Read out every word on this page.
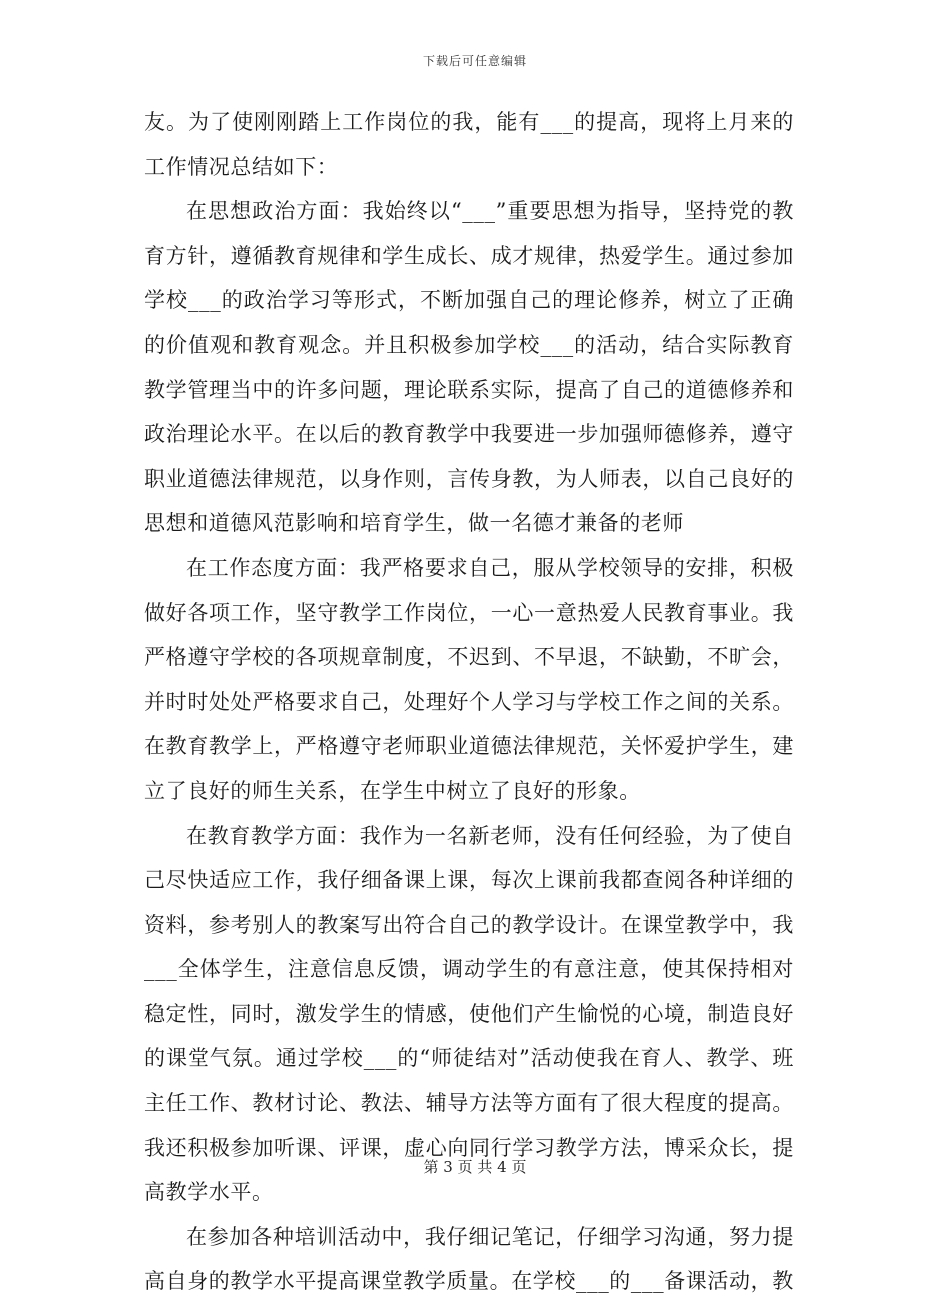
下载后可任意编辑

友。为了使刚刚踏上工作岗位的我，能有___的提高，现将上月来的工作情况总结如下：

在思想政治方面：我始终以“___”重要思想为指导，坚持党的教育方针，遵循教育规律和学生成长、成才规律，热爱学生。通过参加学校___的政治学习等形式，不断加强自己的理论修养，树立了正确的价值观和教育观念。并且积极参加学校___的活动，结合实际教育教学管理当中的许多问题，理论联系实际，提高了自己的道德修养和政治理论水平。在以后的教育教学中我要进一步加强师德修养，遵守职业道德法律规范，以身作则，言传身教，为人师表，以自己良好的思想和道德风范影响和培育学生，做一名德才兼备的老师

在工作态度方面：我严格要求自己，服从学校领导的安排，积极做好各项工作，坚守教学工作岗位，一心一意热爱人民教育事业。我严格遵守学校的各项规章制度，不迟到、不早退，不缺勤，不旷会，并时时处处严格要求自己，处理好个人学习与学校工作之间的关系。在教育教学上，严格遵守老师职业道德法律规范，关怀爱护学生，建立了良好的师生关系，在学生中树立了良好的形象。

在教育教学方面：我作为一名新老师，没有任何经验，为了使自己尽快适应工作，我仔细备课上课，每次上课前我都查阅各种详细的资料，参考别人的教案写出符合自己的教学设计。在课堂教学中，我___全体学生，注意信息反馈，调动学生的有意注意，使其保持相对稳定性，同时，激发学生的情感，使他们产生愉悦的心境，制造良好的课堂气氛。通过学校___的“师徒结对”活动使我在育人、教学、班主任工作、教材讨论、教法、辅导方法等方面有了很大程度的提高。我还积极参加听课、评课，虚心向同行学习教学方法，博采众长，提高教学水平。

在参加各种培训活动中，我仔细记笔记，仔细学习沟通，努力提高自身的教学水平提高课堂教学质量。在学校___的___备课活动，教

第 3 页 共 4 页
